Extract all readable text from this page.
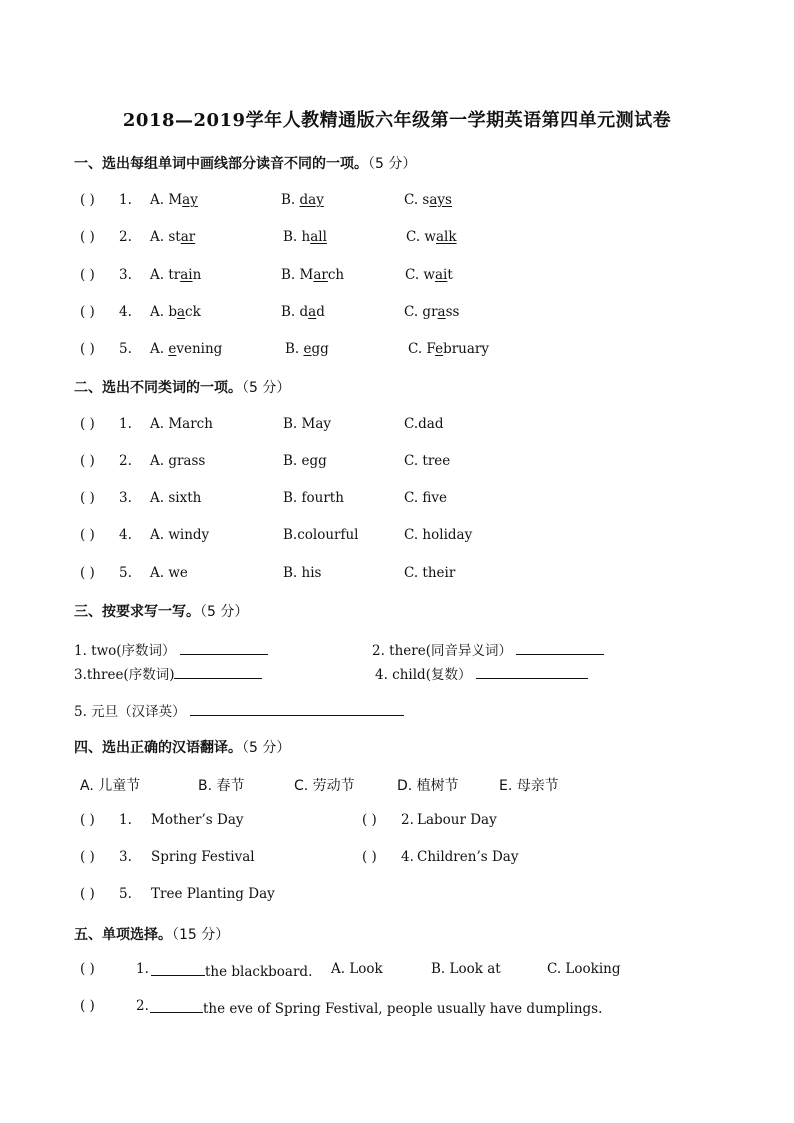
2018—2019学年人教精通版六年级第一学期英语第四单元测试卷
一、选出每组单词中画线部分读音不同的一项。（5 分）
( ) 1. A. May	B. day	C. says
( ) 2. A. star	B. hall	C. walk
( ) 3. A. train	B. March	C. wait
( ) 4. A. back	B. dad	C. grass
( ) 5. A. evening	B. egg	C. February
二、选出不同类词的一项。（5 分）
( ) 1. A. March	B. May	C.dad
( ) 2. A. grass	B. egg	C. tree
( ) 3. A. sixth	B. fourth	C. five
( ) 4. A. windy	B.colourful	C. holiday
( ) 5. A. we	B. his	C. their
三、按要求写一写。（5 分）
1. two(序数词）	2. there(同音异义词）
3.three(序数词)	4. child(复数）
5. 元旦（汉译英）
四、选出正确的汉语翻译。（5 分）
A. 儿童节	B. 春节	C. 劳动节	D. 植树节	E. 母亲节
( ) 1. Mother’s Day	( ) 2. Labour Day
( ) 3. Spring Festival	( ) 4. Children’s Day
( ) 5. Tree Planting Day
五、单项选择。（15 分）
( )	1.	the blackboard. A. Look	B. Look at	C. Looking
( )	2.	the eve of Spring Festival, people usually have dumplings.
